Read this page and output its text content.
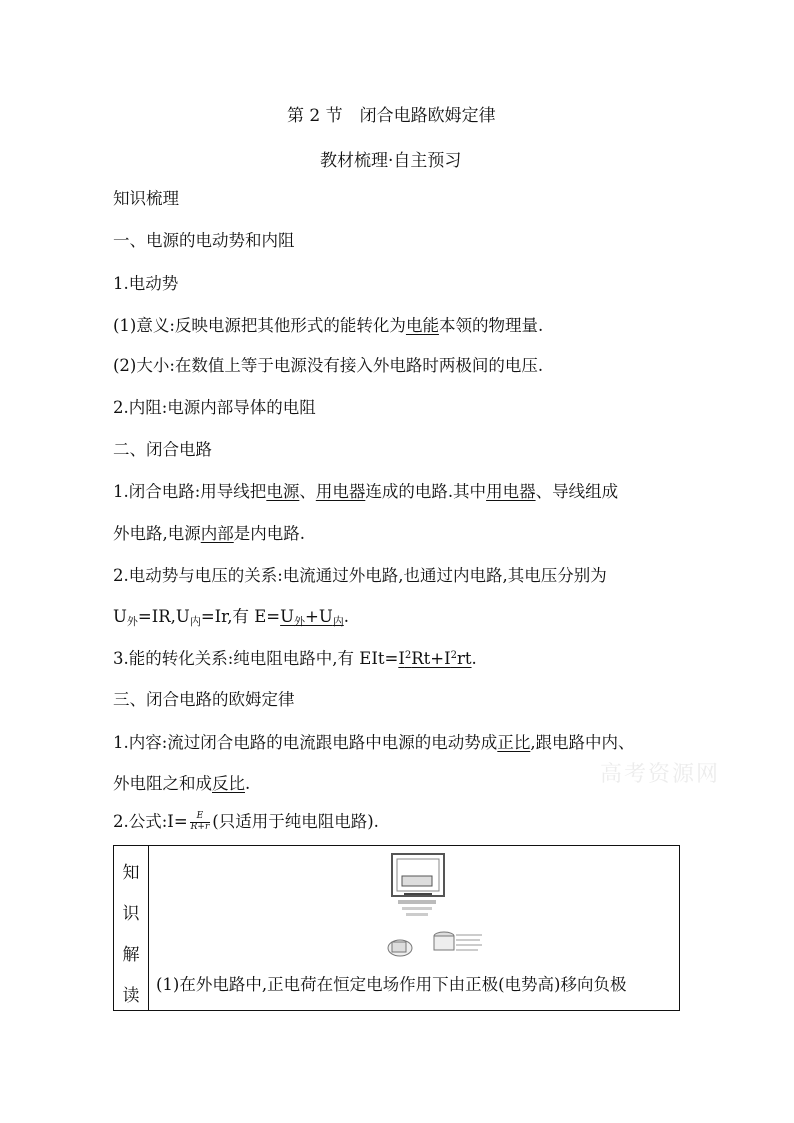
第 2 节　闭合电路欧姆定律
教材梳理·自主预习
知识梳理
一、电源的电动势和内阻
1.电动势
(1)意义:反映电源把其他形式的能转化为电能本领的物理量.
(2)大小:在数值上等于电源没有接入外电路时两极间的电压.
2.内阻:电源内部导体的电阻
二、闭合电路
1.闭合电路:用导线把电源、用电器连成的电路.其中用电器、导线组成
外电路,电源内部是内电路.
2.电动势与电压的关系:电流通过外电路,也通过内电路,其电压分别为
$U_外=IR,U_内=Ir$,有 $E=U_外+U_内$.
3.能的转化关系:纯电阻电路中,有 $EIt=I^2Rt+I^2rt$.
三、闭合电路的欧姆定律
1.内容:流过闭合电路的电流跟电路中电源的电动势成正比,跟电路中内、
外电阻之和成反比.
2.公式:I= $\frac{E}{R+r}$ (只适用于纯电阻电路).
高考资源网
知
识
解
读
(1)在外电路中,正电荷在恒定电场作用下由正极(电势高)移向负极
